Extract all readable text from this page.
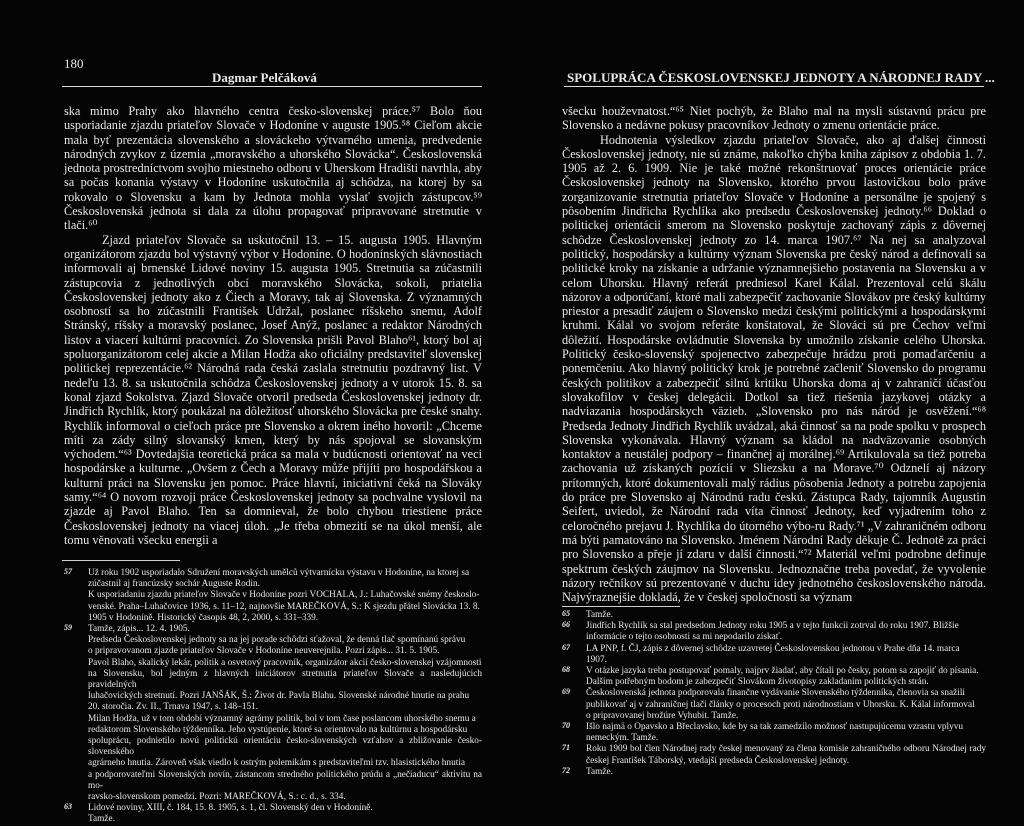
180
Dagmar Pelčáková

ska mimo Prahy ako hlavného centra česko-slovenskej práce.⁵⁷ Bolo ňou usporiadanie zjazdu priateľov Slovače v Hodoníne v auguste 1905.⁵⁸ Cieľom akcie mala byť prezentácia slovenského a slováckeho výtvarného umenia, predvedenie národných zvykov z územia „moravského a uhorského Slovácka“. Československá jednota prostredníctvom svojho miestneho odboru v Uherskom Hradišti navrhla, aby sa počas konania výstavy v Hodoníne uskutočnila aj schôdza, na ktorej by sa rokovalo o Slovensku a kam by Jednota mohla vyslať svojich zástupcov.⁵⁹ Československá jednota si dala za úlohu propagovať pripravované stretnutie v tlači.⁶⁰

Zjazd priateľov Slovače sa uskutočnil 13. – 15. augusta 1905. Hlavným organizátorom zjazdu bol výstavný výbor v Hodoníne. O hodonínských slávnostiach informovali aj brnenské Lidové noviny 15. augusta 1905. Stretnutia sa zúčastnili zástupcovia z jednotlivých obcí moravského Slovácka, sokoli, priatelia Československej jednoty ako z Čiech a Moravy, tak aj Slovenska. Z významných osobností sa ho zúčastnili František Udržal, poslanec ríšskeho snemu, Adolf Stránský, ríšsky a moravský poslanec, Josef Anýž, poslanec a redaktor Národných listov a viacerí kultúrni pracovníci. Zo Slovenska prišli Pavol Blaho⁶¹, ktorý bol aj spoluorganizátorom celej akcie a Milan Hodža ako oficiálny predstaviteľ slovenskej politickej reprezentácie.⁶² Národná rada česká zaslala stretnutiu pozdravný list. V nedeľu 13. 8. sa uskutočnila schôdza Československej jednoty a v utorok 15. 8. sa konal zjazd Sokolstva. Zjazd Slovače otvoril predseda Československej jednoty dr. Jindřich Rychlík, ktorý poukázal na dôležitosť uhorského Slovácka pre české snahy. Rychlík informoval o cieľoch práce pre Slovensko a okrem iného hovoril: „Chceme míti za zády silný slovanský kmen, který by nás spojoval se slovanským východem.“⁶³ Dovtedajšia teoretická práca sa mala v budúcnosti orientovať na veci hospodárske a kulturne. „Ovšem z Čech a Moravy může přijíti pro hospodářskou a kulturní práci na Slovensku jen pomoc. Práce hlavní, iniciativní čeká na Slováky samy.“⁶⁴ O novom rozvoji práce Československej jednoty sa pochvalne vyslovil na zjazde aj Pavol Blaho. Ten sa domnieval, že bolo chybou triestiene práce Československej jednoty na viacej úloh. „Je třeba obmezití se na úkol menší, ale tomu věnovati všecku energii a

57 Už roku 1902 usporiadalo Sdružení moravských umělců výtvarnícku výstavu v Hodoníne, na ktorej sa
zúčastnil aj francúzsky sochár Auguste Rodin.
K usporiadaniu zjazdu priateľov Slovače v Hodoníne pozri VOCHALA, J.: Luhačovské snémy českoslo-
venské. Praha–Luhačovice 1936, s. 11–12, najnovšie MAREČKOVÁ, S.: K sjezdu přátel Slovácka 13. 8.
1905 v Hodoníně. Historický časopis 48, 2, 2000, s. 331–339.
59 Tamže, zápis... 12. 4. 1905.
Predseda Československej jednoty sa na jej porade schôdzi sťažoval, že denná tlač spomínanú správu
o pripravovanom zjazde priateľov Slovače v Hodoníne neuverejnila. Pozri zápis... 31. 5. 1905.
Pavol Blaho, skalický lekár, politik a osvetový pracovník, organizátor akcií česko-slovenskej vzájomnosti
na Slovensku, bol jedným z hlavných iniciátorov stretnutia priateľov Slovače a nasledujúcich pravidelných
luhačovických stretnutí. Pozri JANŠÁK, Š.: Život dr. Pavla Blahu. Slovenské národné hnutie na prahu
20. storočia. Zv. II., Trnava 1947, s. 148–151.
Milan Hodža, už v tom období významný agrárny politik, bol v tom čase poslancom uhorského snemu a
redaktorom Slovenského týždenníka. Jeho vystúpenie, ktoré sa orientovalo na kultúrnu a hospodársku
spoluprácu, podnietilo novú politickú orientáciu česko-slovenských vzťahov a zbližovanie česko-slovenského
agrárneho hnutia. Zároveň však viedlo k ostrým polemikám s predstaviteľmi tzv. hlasistického hnutia
a podporovateľmi Slovenských novín, zástancom stredného politického prúdu a „nečiaducu“ aktivitu na mo-
ravsko-slovenskom pomedzí. Pozri: MAREČKOVÁ, S.: c. d., s. 334.
63 Lidové noviny, XIII, č. 184, 15. 8. 1905, s. 1, čl. Slovenský den v Hodoníně.
Tamže.
SPOLUPRÁCA ČESKOSLOVENSKEJ JEDNOTY A NÁRODNEJ RADY ...

všecku houževnatost.“⁶⁵ Niet pochýb, že Blaho mal na mysli sústavnú prácu pre Slovensko a nedávne pokusy pracovníkov Jednoty o zmenu orientácie práce.

Hodnotenia výsledkov zjazdu priateľov Slovače, ako aj ďalšej činnosti Československej jednoty, nie sú známe, nakoľko chýba kniha zápisov z obdobia 1. 7. 1905 až 2. 6. 1909. Nie je také možné rekonštruovať proces orientácie práce Československej jednoty na Slovensko, ktorého prvou lastovičkou bolo práve zorganizovanie stretnutia priateľov Slovače v Hodoníne a personálne je spojený s pôsobením Jindřicha Rychlíka ako predsedu Československej jednoty.⁶⁶ Doklad o politickej orientácii smerom na Slovensko poskytuje zachovaný zápis z dôvernej schôdze Československej jednoty zo 14. marca 1907.⁶⁷ Na nej sa analyzoval politický, hospodársky a kultúrny význam Slovenska pre český národ a definovali sa politické kroky na získanie a udržanie významnejšieho postavenia na Slovensku a v celom Uhorsku. Hlavný referát predniesol Karel Kálal. Prezentoval celú škálu názorov a odporúčaní, ktoré mali zabezpečiť zachovanie Slovákov pre český kultúrny priestor a presadiť záujem o Slovensko medzi českými politickými a hospodárskymi kruhmi. Kálal vo svojom referáte konštatoval, že Slováci sú pre Čechov veľmi dôležití. Hospodárske ovládnutie Slovenska by umožnilo získanie celého Uhorska. Politický česko-slovenský spojenectvo zabezpečuje hrádzu proti pomaďarčeniu a ponemčeniu. Ako hlavný politický krok je potrebné začleniť Slovensko do programu českých politikov a zabezpečiť silnú kritiku Uhorska doma aj v zahraničí účasťou slovakofilov v českej delegácii. Dotkol sa tiež riešenia jazykovej otázky a nadviazania hospodárskych väzieb. „Slovensko pro nás náród je osvěžení.“⁶⁸ Predseda Jednoty Jindřich Rychlík uvádzal, aká činnosť sa na pode spolku v prospech Slovenska vykonávala. Hlavný význam sa kládol na nadväzovanie osobných kontaktov a neustálej podpory – finančnej aj morálnej.⁶⁹ Artikulovala sa tiež potreba zachovania už získaných pozícií v Sliezsku a na Morave.⁷⁰ Odznelí aj názory prítomných, ktoré dokumentovali malý rádius pôsobenia Jednoty a potrebu zapojenia do práce pre Slovensko aj Národnú radu českú. Zástupca Rady, tajomník Augustin Seifert, uviedol, že Národní rada víta činnosť Jednoty, keď vyjadrením toho z celoročného prejavu J. Rychlíka do útorného výbo-ru Rady.⁷¹ „V zahraničném odboru má býti pamatováno na Slovensko. Jménem Národní Rady děkuje Č. Jednotě za práci pro Slovensko a přeje jí zdaru v další činnosti.“⁷² Materiál veľmi podrobne definuje spektrum českých záujmov na Slovensku. Jednoznačne treba povedať, že vyvolenie názory rečníkov sú prezentované v duchu idey jednotného československého národa. Najvýraznejšie dokladá, že v českej spoločnosti sa význam

65 Tamže.
66 Jindřich Rychlík sa stal predsedom Jednoty roku 1905 a v tejto funkcii zotrval do roku 1907. Bližšie
informácie o tejto osobnosti sa mi nepodarilo získať.
67 LA PNP, f. ČJ, zápis z dôvernej schôdze uzavretej Československou jednotou v Prahe dňa 14. marca
1907.
68 V otázke jazyka treba postupovať pomaly, najprv žiadať, aby čítali po česky, potom sa zapojiť do písania.
Dalším potřebným bodom je zabezpečiť Slovákom životopisy zakladaním politických strán.
69 Československá jednota podporovala finančne vydávanie Slovenského týždenníka, členovia sa snažili
publikovať aj v zahraničnej tlači články o procesoch proti národnostiam v Uhorsku. K. Kálal informoval
o pripravovanej brožúre Vyhubit. Tamže.
70 Išlo najmä o Opavsko a Břeclavsko, kde by sa tak zamedzilo možnosť nastupujúcemu vzrastu vplyvu
nemeckým. Tamže.
71 Roku 1909 bol člen Národnej rady českej menovaný za člena komisie zahraničného odboru Národnej rady českej František Táborský, vtedajší predseda Československej jednoty.
72 Tamže.
